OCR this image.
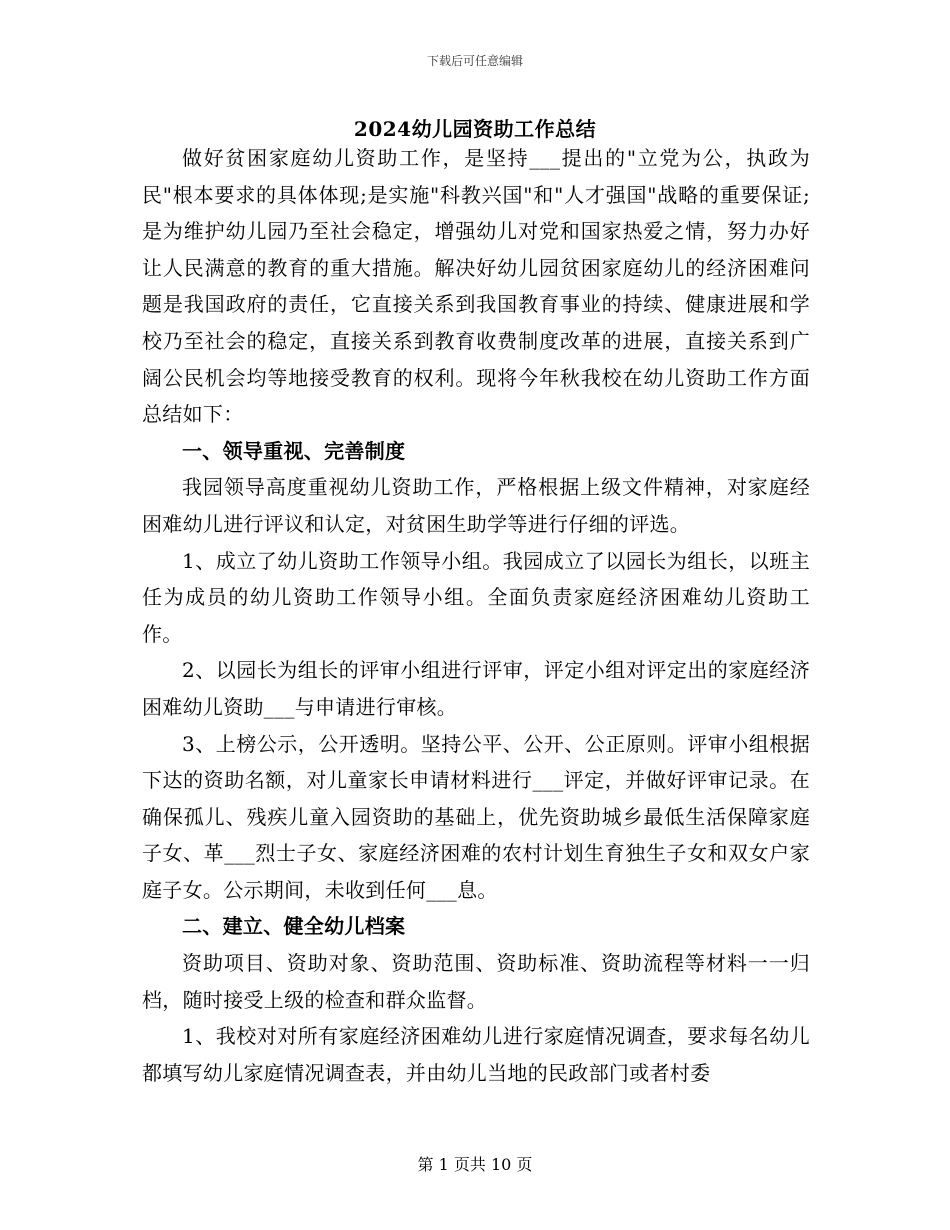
下载后可任意编辑
2024幼儿园资助工作总结

做好贫困家庭幼儿资助工作，是坚持___提出的"立党为公，执政为民"根本要求的具体体现;是实施"科教兴国"和"人才强国"战略的重要保证;是为维护幼儿园乃至社会稳定，增强幼儿对党和国家热爱之情，努力办好让人民满意的教育的重大措施。解决好幼儿园贫困家庭幼儿的经济困难问题是我国政府的责任，它直接关系到我国教育事业的持续、健康进展和学校乃至社会的稳定，直接关系到教育收费制度改革的进展，直接关系到广阔公民机会均等地接受教育的权利。现将今年秋我校在幼儿资助工作方面总结如下：

一、领导重视、完善制度

我园领导高度重视幼儿资助工作，严格根据上级文件精神，对家庭经困难幼儿进行评议和认定，对贫困生助学等进行仔细的评选。

1、成立了幼儿资助工作领导小组。我园成立了以园长为组长，以班主任为成员的幼儿资助工作领导小组。全面负责家庭经济困难幼儿资助工作。

2、以园长为组长的评审小组进行评审，评定小组对评定出的家庭经济困难幼儿资助___与申请进行审核。

3、上榜公示，公开透明。坚持公平、公开、公正原则。评审小组根据下达的资助名额，对儿童家长申请材料进行___评定，并做好评审记录。在确保孤儿、残疾儿童入园资助的基础上，优先资助城乡最低生活保障家庭子女、革___烈士子女、家庭经济困难的农村计划生育独生子女和双女户家庭子女。公示期间，未收到任何___息。

二、建立、健全幼儿档案

资助项目、资助对象、资助范围、资助标准、资助流程等材料一一归档，随时接受上级的检查和群众监督。

1、我校对对所有家庭经济困难幼儿进行家庭情况调查，要求每名幼儿都填写幼儿家庭情况调查表，并由幼儿当地的民政部门或者村委

第 1 页共 10 页
